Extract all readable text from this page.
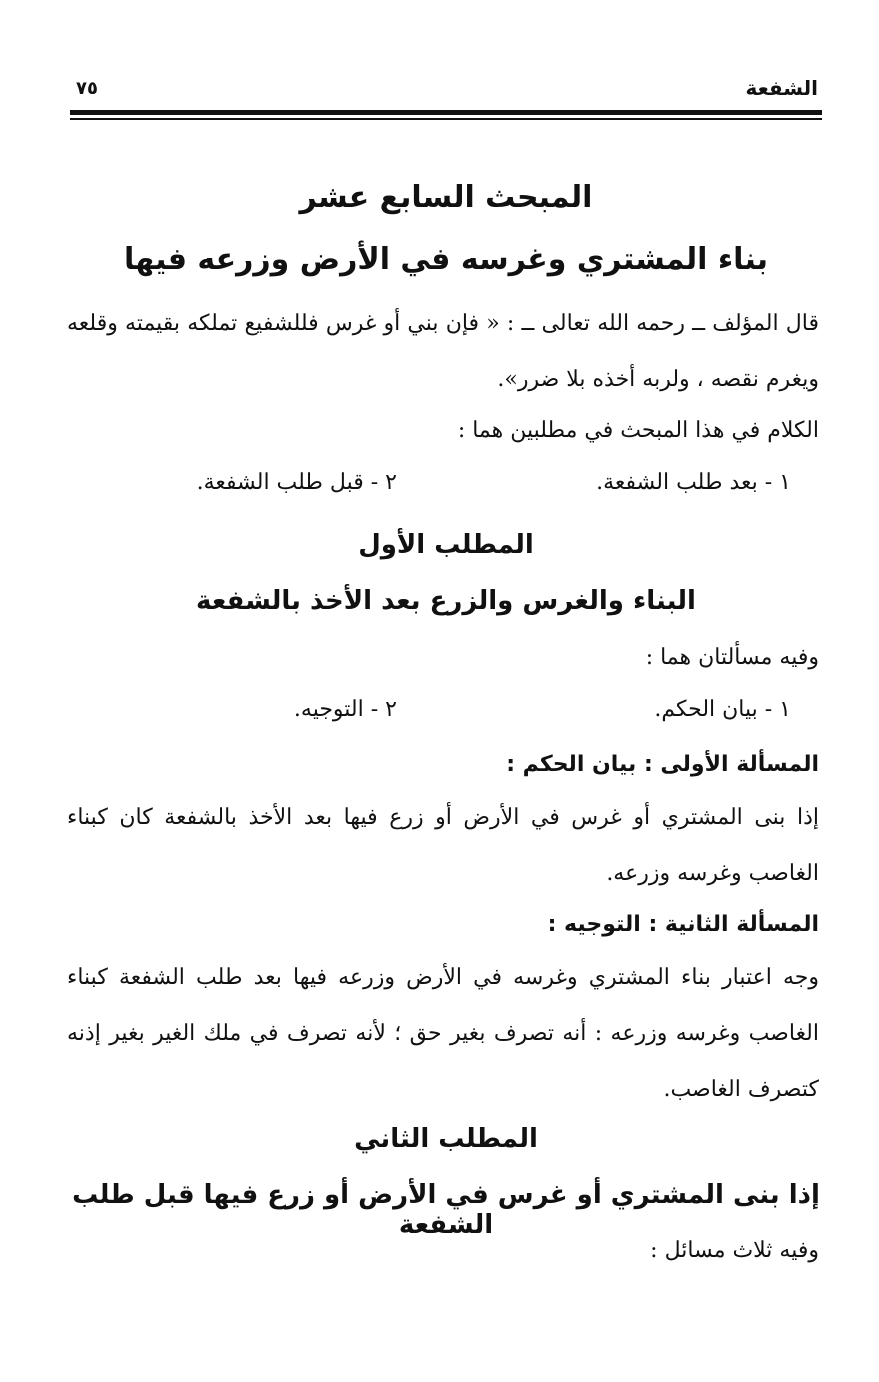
الشفعة
٧٥
المبحث السابع عشر
بناء المشتري وغرسه في الأرض وزرعه فيها
قال المؤلف ــ رحمه الله تعالى ــ : « فإن بني أو غرس فللشفيع تملكه بقيمته وقلعه ويغرم نقصه ، ولربه أخذه بلا ضرر».
الكلام في هذا المبحث في مطلبين هما :
١ - بعد طلب الشفعة.
٢ - قبل طلب الشفعة.
المطلب الأول
البناء والغرس والزرع بعد الأخذ بالشفعة
وفيه مسألتان هما :
١ - بيان الحكم.
٢ - التوجيه.
المسألة الأولى : بيان الحكم :
إذا بنى المشتري أو غرس في الأرض أو زرع فيها بعد الأخذ بالشفعة كان كبناء الغاصب وغرسه وزرعه.
المسألة الثانية : التوجيه :
وجه اعتبار بناء المشتري وغرسه في الأرض وزرعه فيها بعد طلب الشفعة كبناء الغاصب وغرسه وزرعه : أنه تصرف بغير حق ؛ لأنه تصرف في ملك الغير بغير إذنه كتصرف الغاصب.
المطلب الثاني
إذا بنى المشتري أو غرس في الأرض أو زرع فيها قبل طلب الشفعة
وفيه ثلاث مسائل :
